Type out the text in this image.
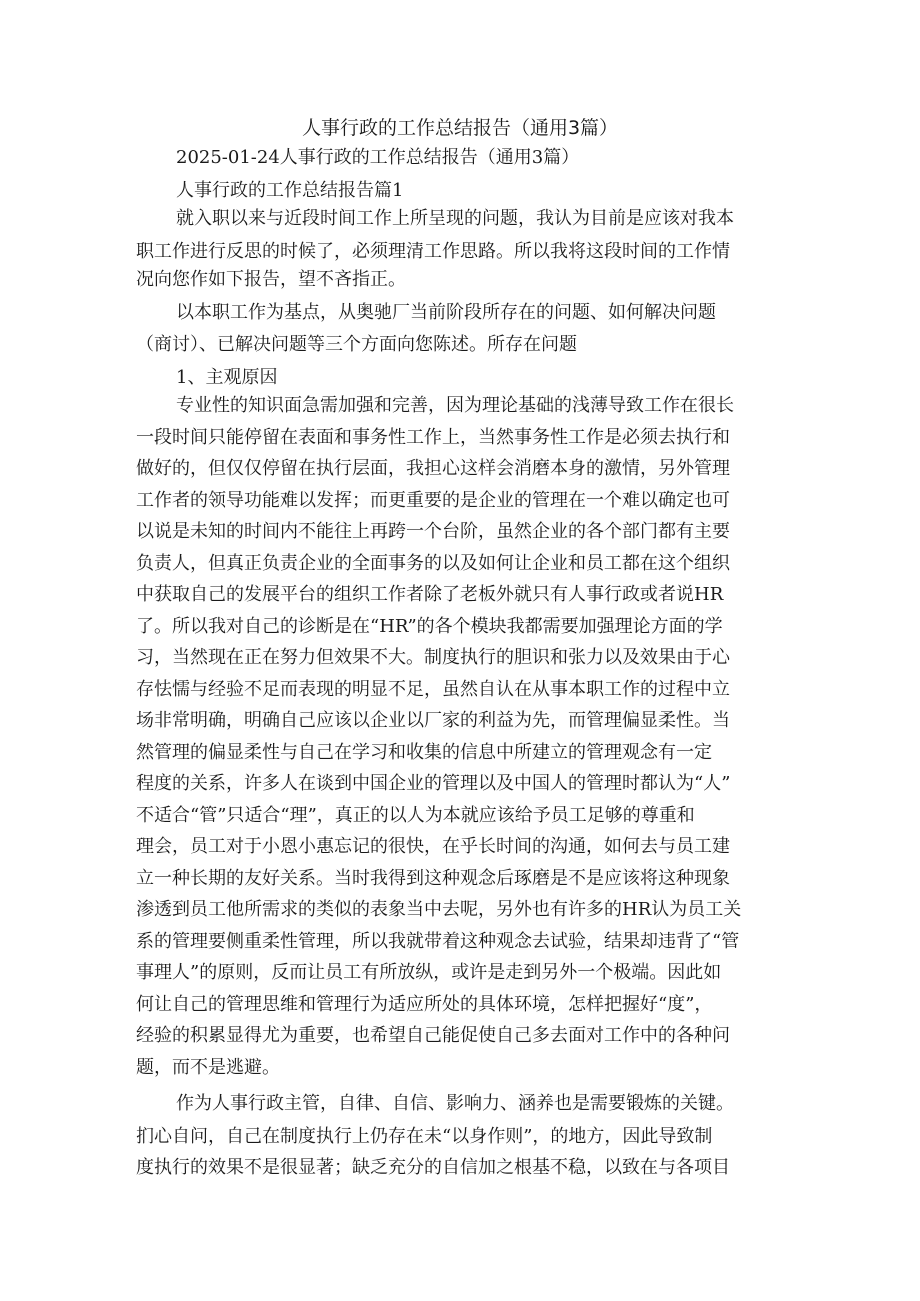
人事行政的工作总结报告（通用3篇）
2025-01-24人事行政的工作总结报告（通用3篇）
人事行政的工作总结报告篇1
就入职以来与近段时间工作上所呈现的问题，我认为目前是应该对我本
职工作进行反思的时候了，必须理清工作思路。所以我将这段时间的工作情
况向您作如下报告，望不吝指正。
以本职工作为基点，从奥驰厂当前阶段所存在的问题、如何解决问题
（商讨）、已解决问题等三个方面向您陈述。所存在问题
1、主观原因
专业性的知识面急需加强和完善，因为理论基础的浅薄导致工作在很长
一段时间只能停留在表面和事务性工作上，当然事务性工作是必须去执行和
做好的，但仅仅停留在执行层面，我担心这样会消磨本身的激情，另外管理
工作者的领导功能难以发挥；而更重要的是企业的管理在一个难以确定也可
以说是未知的时间内不能往上再跨一个台阶，虽然企业的各个部门都有主要
负责人，但真正负责企业的全面事务的以及如何让企业和员工都在这个组织
中获取自己的发展平台的组织工作者除了老板外就只有人事行政或者说HR
了。所以我对自己的诊断是在“HR”的各个模块我都需要加强理论方面的学
习，当然现在正在努力但效果不大。制度执行的胆识和张力以及效果由于心
存怯懦与经验不足而表现的明显不足，虽然自认在从事本职工作的过程中立
场非常明确，明确自己应该以企业以厂家的利益为先，而管理偏显柔性。当
然管理的偏显柔性与自己在学习和收集的信息中所建立的管理观念有一定
程度的关系，许多人在谈到中国企业的管理以及中国人的管理时都认为“人”
不适合“管”只适合“理”，真正的以人为本就应该给予员工足够的尊重和
理会，员工对于小恩小惠忘记的很快，在乎长时间的沟通，如何去与员工建
立一种长期的友好关系。当时我得到这种观念后琢磨是不是应该将这种现象
渗透到员工他所需求的类似的表象当中去呢，另外也有许多的HR认为员工关
系的管理要侧重柔性管理，所以我就带着这种观念去试验，结果却违背了“管
事理人”的原则，反而让员工有所放纵，或许是走到另外一个极端。因此如
何让自己的管理思维和管理行为适应所处的具体环境，怎样把握好“度”，
经验的积累显得尤为重要，也希望自己能促使自己多去面对工作中的各种问
题，而不是逃避。
作为人事行政主管，自律、自信、影响力、涵养也是需要锻炼的关键。
扪心自问，自己在制度执行上仍存在未“以身作则”，的地方，因此导致制
度执行的效果不是很显著；缺乏充分的自信加之根基不稳，以致在与各项目
